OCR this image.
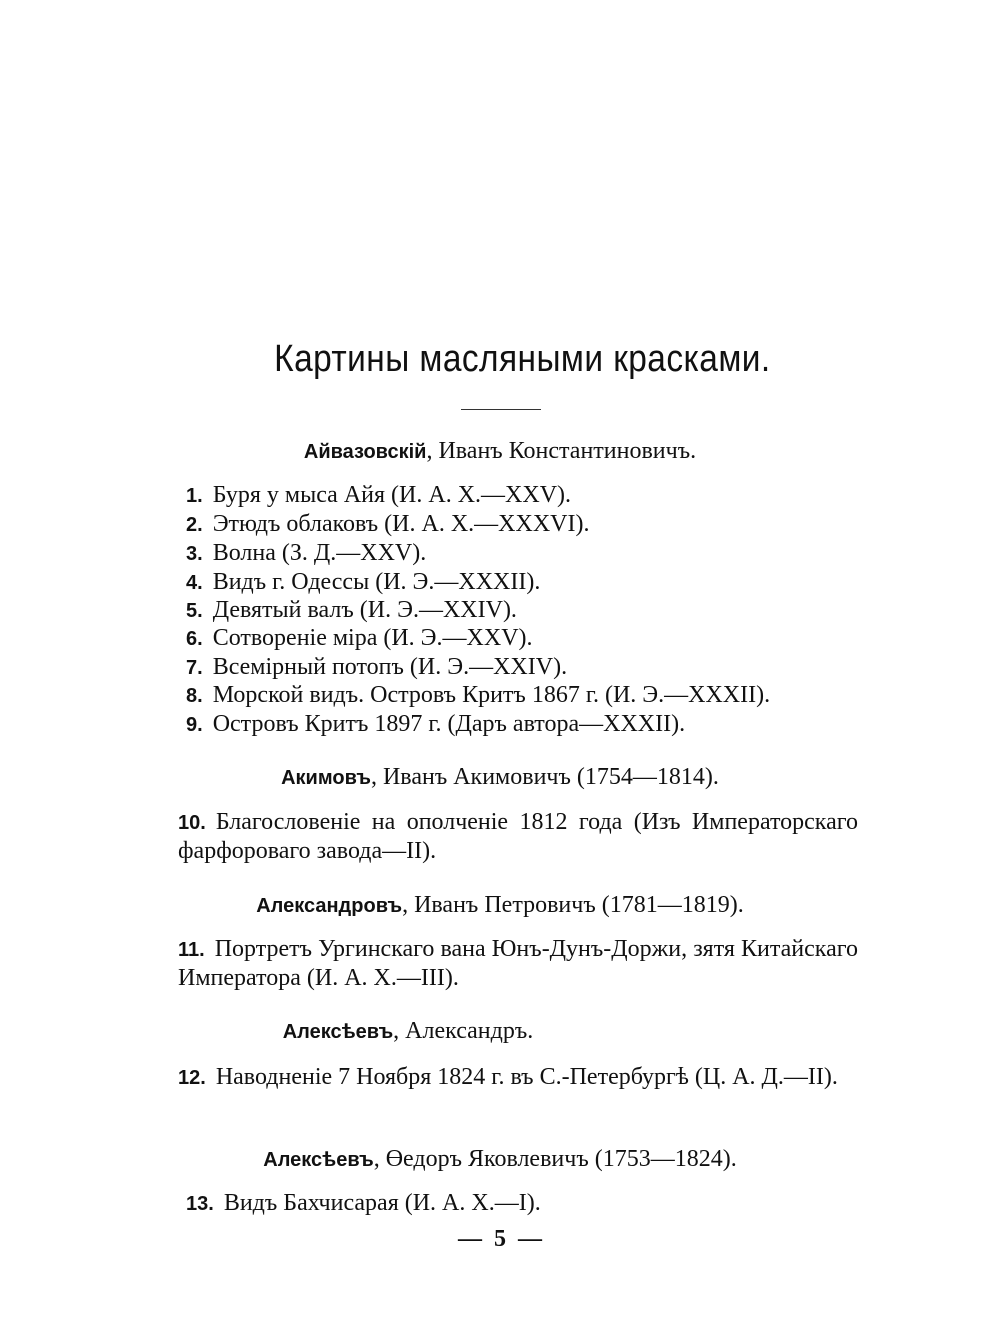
Картины масляными красками.
Айвазовскій, Иванъ Константиновичъ.
1. Буря у мыса Айя (И. А. Х.—XXV).
2. Этюдъ облаковъ (И. А. Х.—XXXVI).
3. Волна (З. Д.—XXV).
4. Видъ г. Одессы (И. Э.—XXXII).
5. Девятый валъ (И. Э.—XXIV).
6. Сотвореніе міра (И. Э.—XXV).
7. Всемірный потопъ (И. Э.—XXIV).
8. Морской видъ. Островъ Критъ 1867 г. (И. Э.—XXXII).
9. Островъ Критъ 1897 г. (Даръ автора—XXXII).
Акимовъ, Иванъ Акимовичъ (1754—1814).
10. Благословеніе на ополченіе 1812 года (Изъ Императорскаго фарфороваго завода—II).
Александровъ, Иванъ Петровичъ (1781—1819).
11. Портретъ Ургинскаго вана Юнъ-Дунъ-Доржи, зятя Китайскаго Императора (И. А. Х.—III).
Алексѣевъ, Александръ.
12. Наводненіе 7 Ноября 1824 г. въ С.-Петербургѣ (Ц. А. Д.—II).
Алексѣевъ, Өедоръ Яковлевичъ (1753—1824).
13. Видъ Бахчисарая (И. А. Х.—I).
—  5  —
